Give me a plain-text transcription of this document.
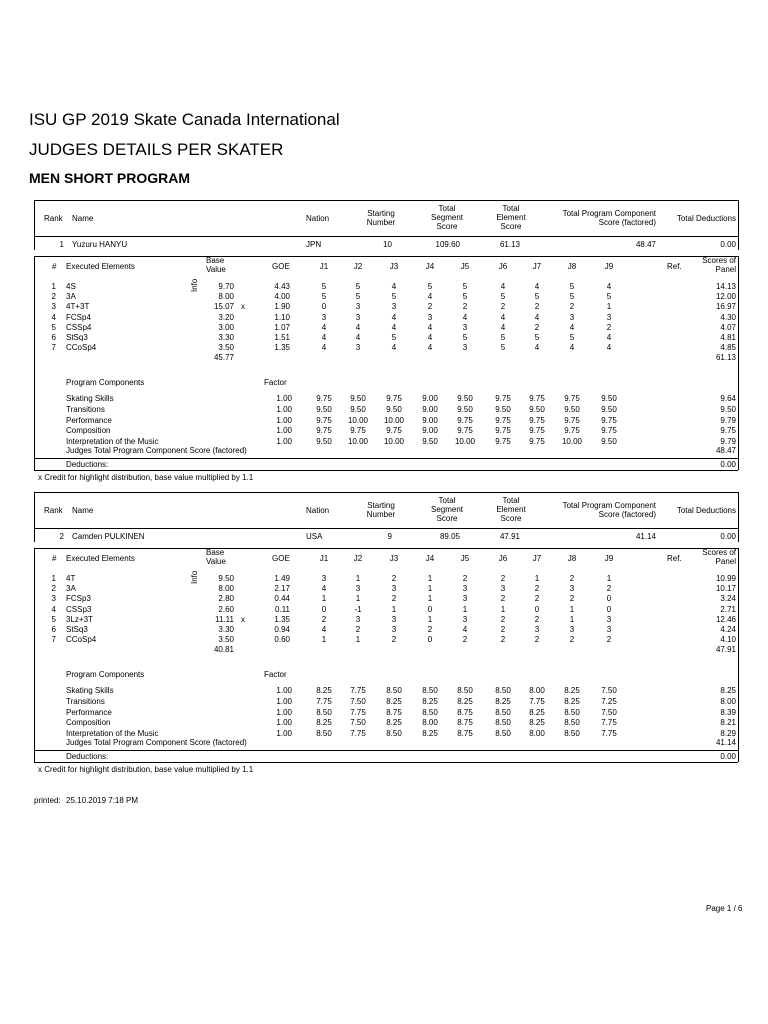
ISU GP 2019 Skate Canada International
JUDGES DETAILS PER SKATER
MEN SHORT PROGRAM
Rank Name	Nation
Starting
Number
Total
Segment
Score
Total
Element
Score
Total Program Component
Score (factored)	Total Deductions
1 Yuzuru HANYU	JPN	10	109.60	61.13	48.47	0.00
# Executed Elements
Base
Value	GOE	J1	J2	J3	J4	J5	J6	J7	J8	J9	Ref.
Scores of
Panel
Info
1 4S	9.70	4.43	5	5	4	5	5	4	4	5	4	14.13
2 3A	8.00	4.00	5	5	5	4	5	5	5	5	5	12.00
3 4T+3T	15.07 x	1.90	0	3	3	2	2	2	2	2	1	16.97
4 FCSp4	3.20	1.10	3	3	4	3	4	4	4	3	3	4.30
5 CSSp4	3.00	1.07	4	4	4	4	3	4	2	4	2	4.07
6 StSq3	3.30	1.51	4	4	5	4	5	5	5	5	4	4.81
7 CCoSp4	3.50	1.35	4	3	4	4	3	5	4	4	4	4.85
45.77	61.13
Program Components	Factor
Skating Skills	1.00	9.75	9.50	9.75	9.00	9.50	9.75	9.75	9.75	9.50	9.64
Transitions	1.00	9.50	9.50	9.50	9.00	9.50	9.50	9.50	9.50	9.50	9.50
Performance	1.00	9.75	10.00	10.00	9.00	9.75	9.75	9.75	9.75	9.75	9.79
Composition	1.00	9.75	9.75	9.75	9.00	9.75	9.75	9.75	9.75	9.75	9.75
Interpretation of the Music	1.00	9.50	10.00	10.00	9.50	10.00	9.75	9.75	10.00	9.50	9.79
Judges Total Program Component Score (factored)	48.47
Deductions:	0.00
x Credit for highlight distribution, base value multiplied by 1.1
Rank Name	Nation
Starting
Number
Total
Segment
Score
Total
Element
Score
Total Program Component
Score (factored)	Total Deductions
2 Camden PULKINEN	USA	9	89.05	47.91	41.14	0.00
# Executed Elements
Base
Value	GOE	J1	J2	J3	J4	J5	J6	J7	J8	J9	Ref.
Scores of
Panel
Info
1 4T	9.50	1.49	3	1	2	1	2	2	1	2	1	10.99
2 3A	8.00	2.17	4	3	3	1	3	3	2	3	2	10.17
3 FCSp3	2.80	0.44	1	1	2	1	3	2	2	2	0	3.24
4 CSSp3	2.60	0.11	0	-1	1	0	1	1	0	1	0	2.71
5 3Lz+3T	11.11 x	1.35	2	3	3	1	3	2	2	1	3	12.46
6 StSq3	3.30	0.94	4	2	3	2	4	2	3	3	3	4.24
7 CCoSp4	3.50	0.60	1	1	2	0	2	2	2	2	2	4.10
40.81	47.91
Program Components	Factor
Skating Skills	1.00	8.25	7.75	8.50	8.50	8.50	8.50	8.00	8.25	7.50	8.25
Transitions	1.00	7.75	7.50	8.25	8.25	8.25	8.25	7.75	8.25	7.25	8.00
Performance	1.00	8.50	7.75	8.75	8.50	8.75	8.50	8.25	8.50	7.50	8.39
Composition	1.00	8.25	7.50	8.25	8.00	8.75	8.50	8.25	8.50	7.75	8.21
Interpretation of the Music	1.00	8.50	7.75	8.50	8.25	8.75	8.50	8.00	8.50	7.75	8.29
Judges Total Program Component Score (factored)	41.14
Deductions:	0.00
x Credit for highlight distribution, base value multiplied by 1.1
printed: 25.10.2019 7:18 PM
Page 1 / 6
